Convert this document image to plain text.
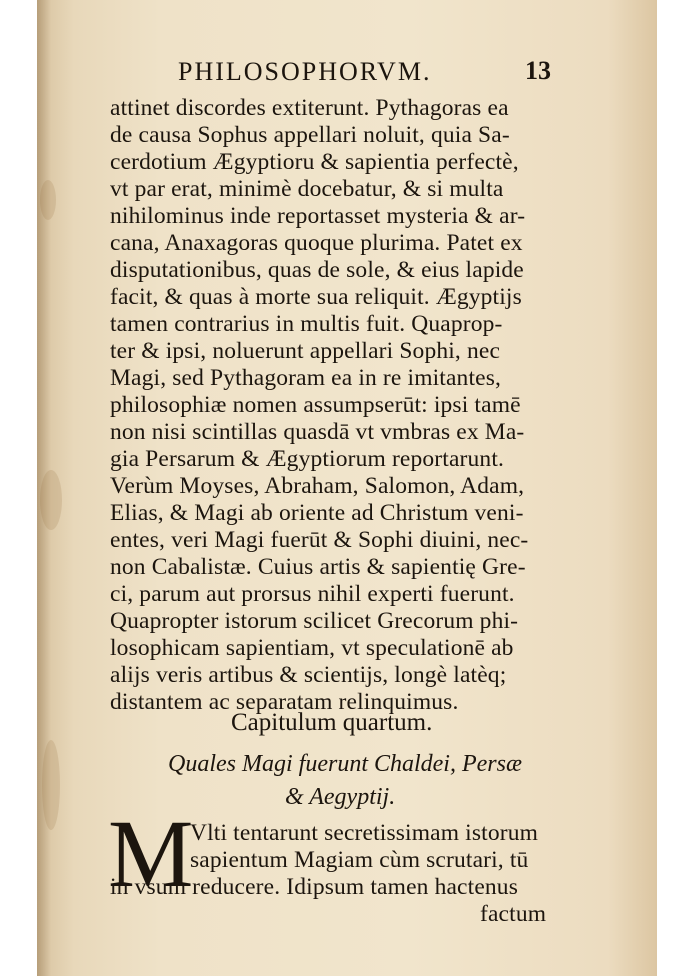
PHILOSOPHORVM.	13
attinet discordes extiterunt. Pythagoras ea
de causa Sophus appellari noluit, quia Sa-
cerdotium Ægyptioru & sapientia perfectè,
vt par erat, minimè docebatur, & si multa
nihilominus inde reportasset mysteria & ar-
cana, Anaxagoras quoque plurima. Patet ex
disputationibus, quas de sole, & eius lapide
facit, & quas à morte sua reliquit. Ægyptijs
tamen contrarius in multis fuit. Quaprop-
ter & ipsi, noluerunt appellari Sophi, nec
Magi, sed Pythagoram ea in re imitantes,
philosophiæ nomen assumpserūt: ipsi tamē
non nisi scintillas quasdā vt vmbras ex Ma-
gia Persarum & Ægyptiorum reportarunt.
Verùm Moyses, Abraham, Salomon, Adam,
Elias, & Magi ab oriente ad Christum veni-
entes, veri Magi fuerūt & Sophi diuini, nec-
non Cabalistæ. Cuius artis & sapientię Gre-
ci, parum aut prorsus nihil experti fuerunt.
Quapropter istorum scilicet Grecorum phi-
losophicam sapientiam, vt speculationē ab
alijs veris artibus & scientijs, longè latèq;
distantem ac separatam relinquimus.
Capitulum quartum.
Quales Magi fuerunt Chaldei, Persæ
& Aegyptij.
M
Vlti tentarunt secretissimam istorum
sapientum Magiam cùm scrutari, tū
in vsum reducere. Idipsum tamen hactenus
factum
